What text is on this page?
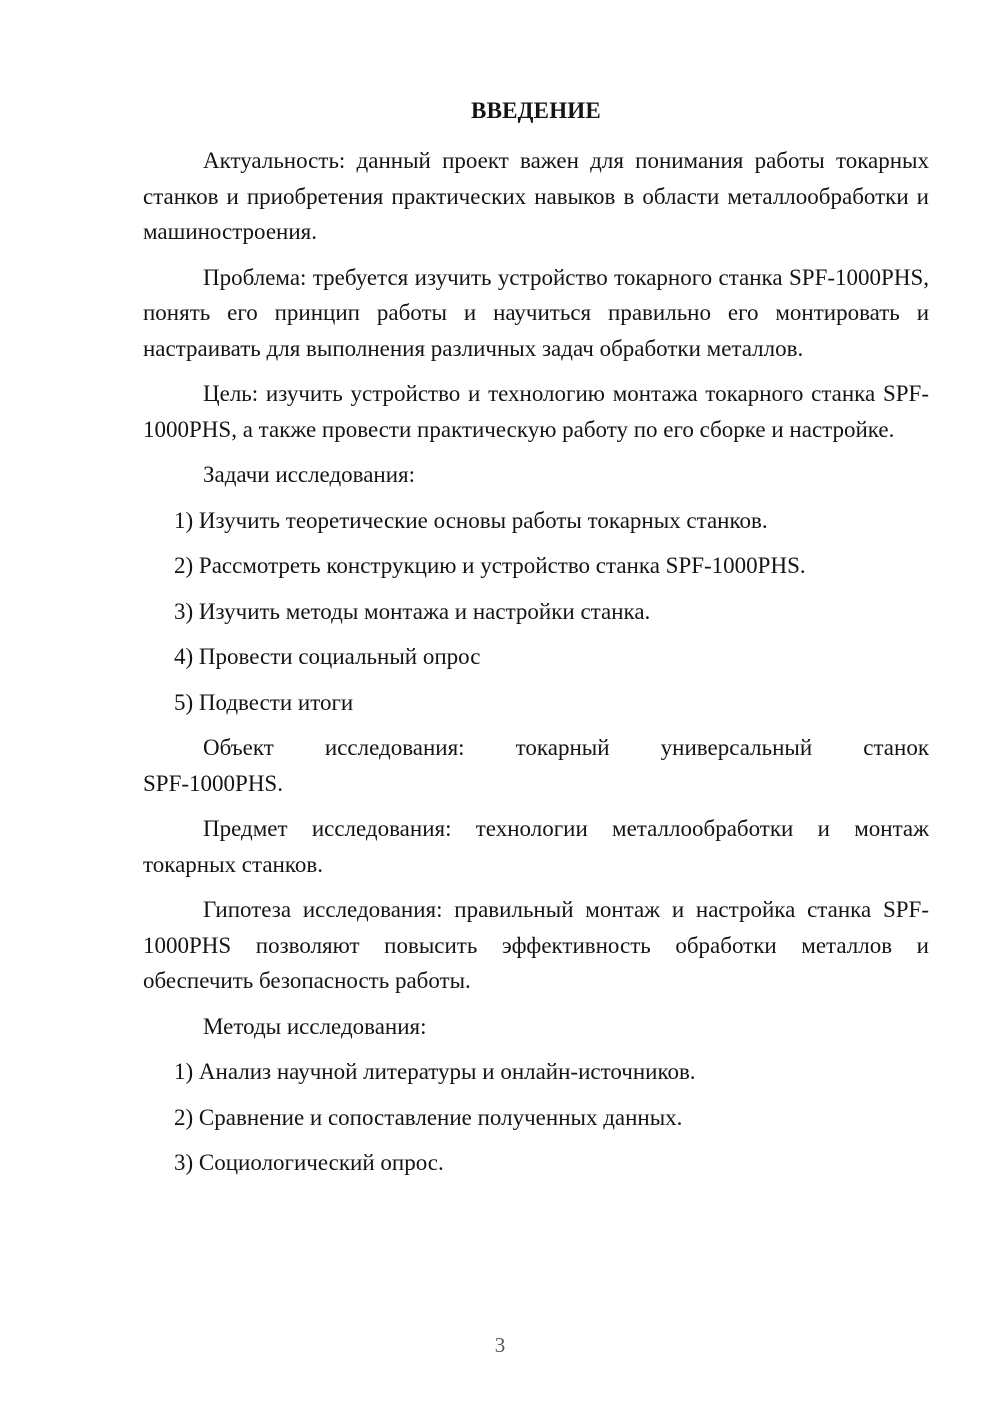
ВВЕДЕНИЕ
Актуальность: данный проект важен для понимания работы токарных станков и приобретения практических навыков в области металлообработки и машиностроения.
Проблема: требуется изучить устройство токарного станка SPF-1000PHS, понять его принцип работы и научиться правильно его монтировать и настраивать для выполнения различных задач обработки металлов.
Цель: изучить устройство и технологию монтажа токарного станка SPF-1000PHS, а также провести практическую работу по его сборке и настройке.
Задачи исследования:
1) Изучить теоретические основы работы токарных станков.
2) Рассмотреть конструкцию и устройство станка SPF-1000PHS.
3) Изучить методы монтажа и настройки станка.
4) Провести социальный опрос
5) Подвести итоги

Объект исследования: токарный универсальный станок

SPF-1000PHS.

Предмет исследования: технологии металлообработки и монтаж токарных станков.
Гипотеза исследования: правильный монтаж и настройка станка SPF-1000PHS позволяют повысить эффективность обработки металлов и обеспечить безопасность работы.
Методы исследования:
1) Анализ научной литературы и онлайн-источников.
2) Сравнение и сопоставление полученных данных.
3) Социологический опрос.
3
